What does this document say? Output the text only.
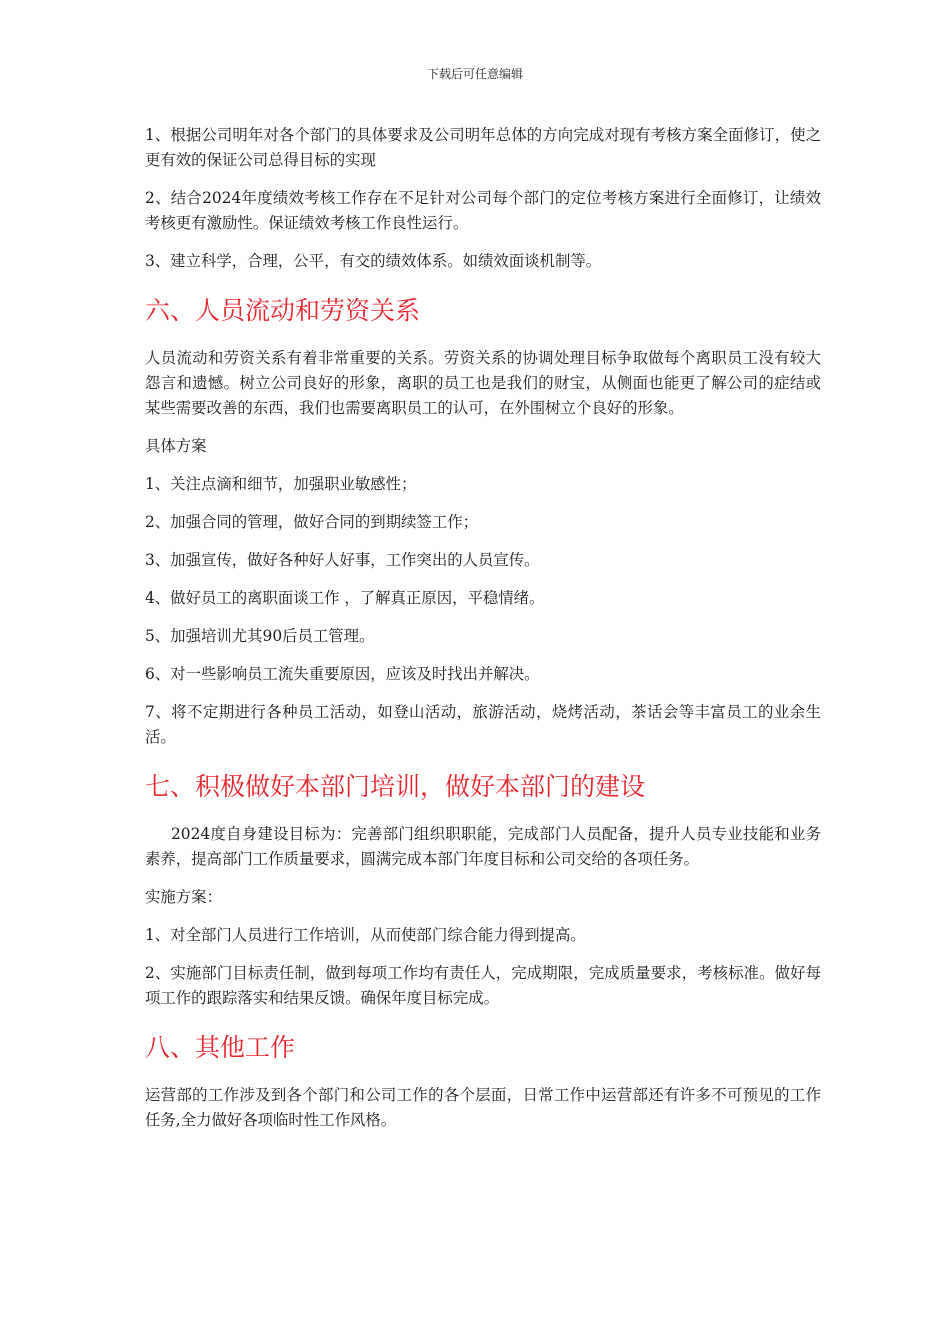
下载后可任意编辑

1、根据公司明年对各个部门的具体要求及公司明年总体的方向完成对现有考核方案全面修订，使之更有效的保证公司总得目标的实现

2、结合2024年度绩效考核工作存在不足针对公司每个部门的定位考核方案进行全面修订，让绩效考核更有激励性。保证绩效考核工作良性运行。

3、建立科学，合理，公平，有交的绩效体系。如绩效面谈机制等。

六、人员流动和劳资关系

人员流动和劳资关系有着非常重要的关系。劳资关系的协调处理目标争取做每个离职员工没有较大怨言和遗憾。树立公司良好的形象，离职的员工也是我们的财宝，从侧面也能更了解公司的症结或某些需要改善的东西，我们也需要离职员工的认可，在外围树立个良好的形象。

具体方案

1、关注点滴和细节，加强职业敏感性；

2、加强合同的管理，做好合同的到期续签工作；

3、加强宣传，做好各种好人好事，工作突出的人员宣传。

4、做好员工的离职面谈工作 ，了解真正原因，平稳情绪。

5、加强培训尤其90后员工管理。

6、对一些影响员工流失重要原因，应该及时找出并解决。

7、将不定期进行各种员工活动，如登山活动，旅游活动，烧烤活动，茶话会等丰富员工的业余生活。

七、积极做好本部门培训，做好本部门的建设

2024度自身建设目标为：完善部门组织职职能，完成部门人员配备，提升人员专业技能和业务素养，提高部门工作质量要求，圆满完成本部门年度目标和公司交给的各项任务。

实施方案：

1、对全部门人员进行工作培训，从而使部门综合能力得到提高。

2、实施部门目标责任制，做到每项工作均有责任人，完成期限，完成质量要求，考核标准。做好每项工作的跟踪落实和结果反馈。确保年度目标完成。

八、其他工作

运营部的工作涉及到各个部门和公司工作的各个层面，日常工作中运营部还有许多不可预见的工作任务,全力做好各项临时性工作风格。
